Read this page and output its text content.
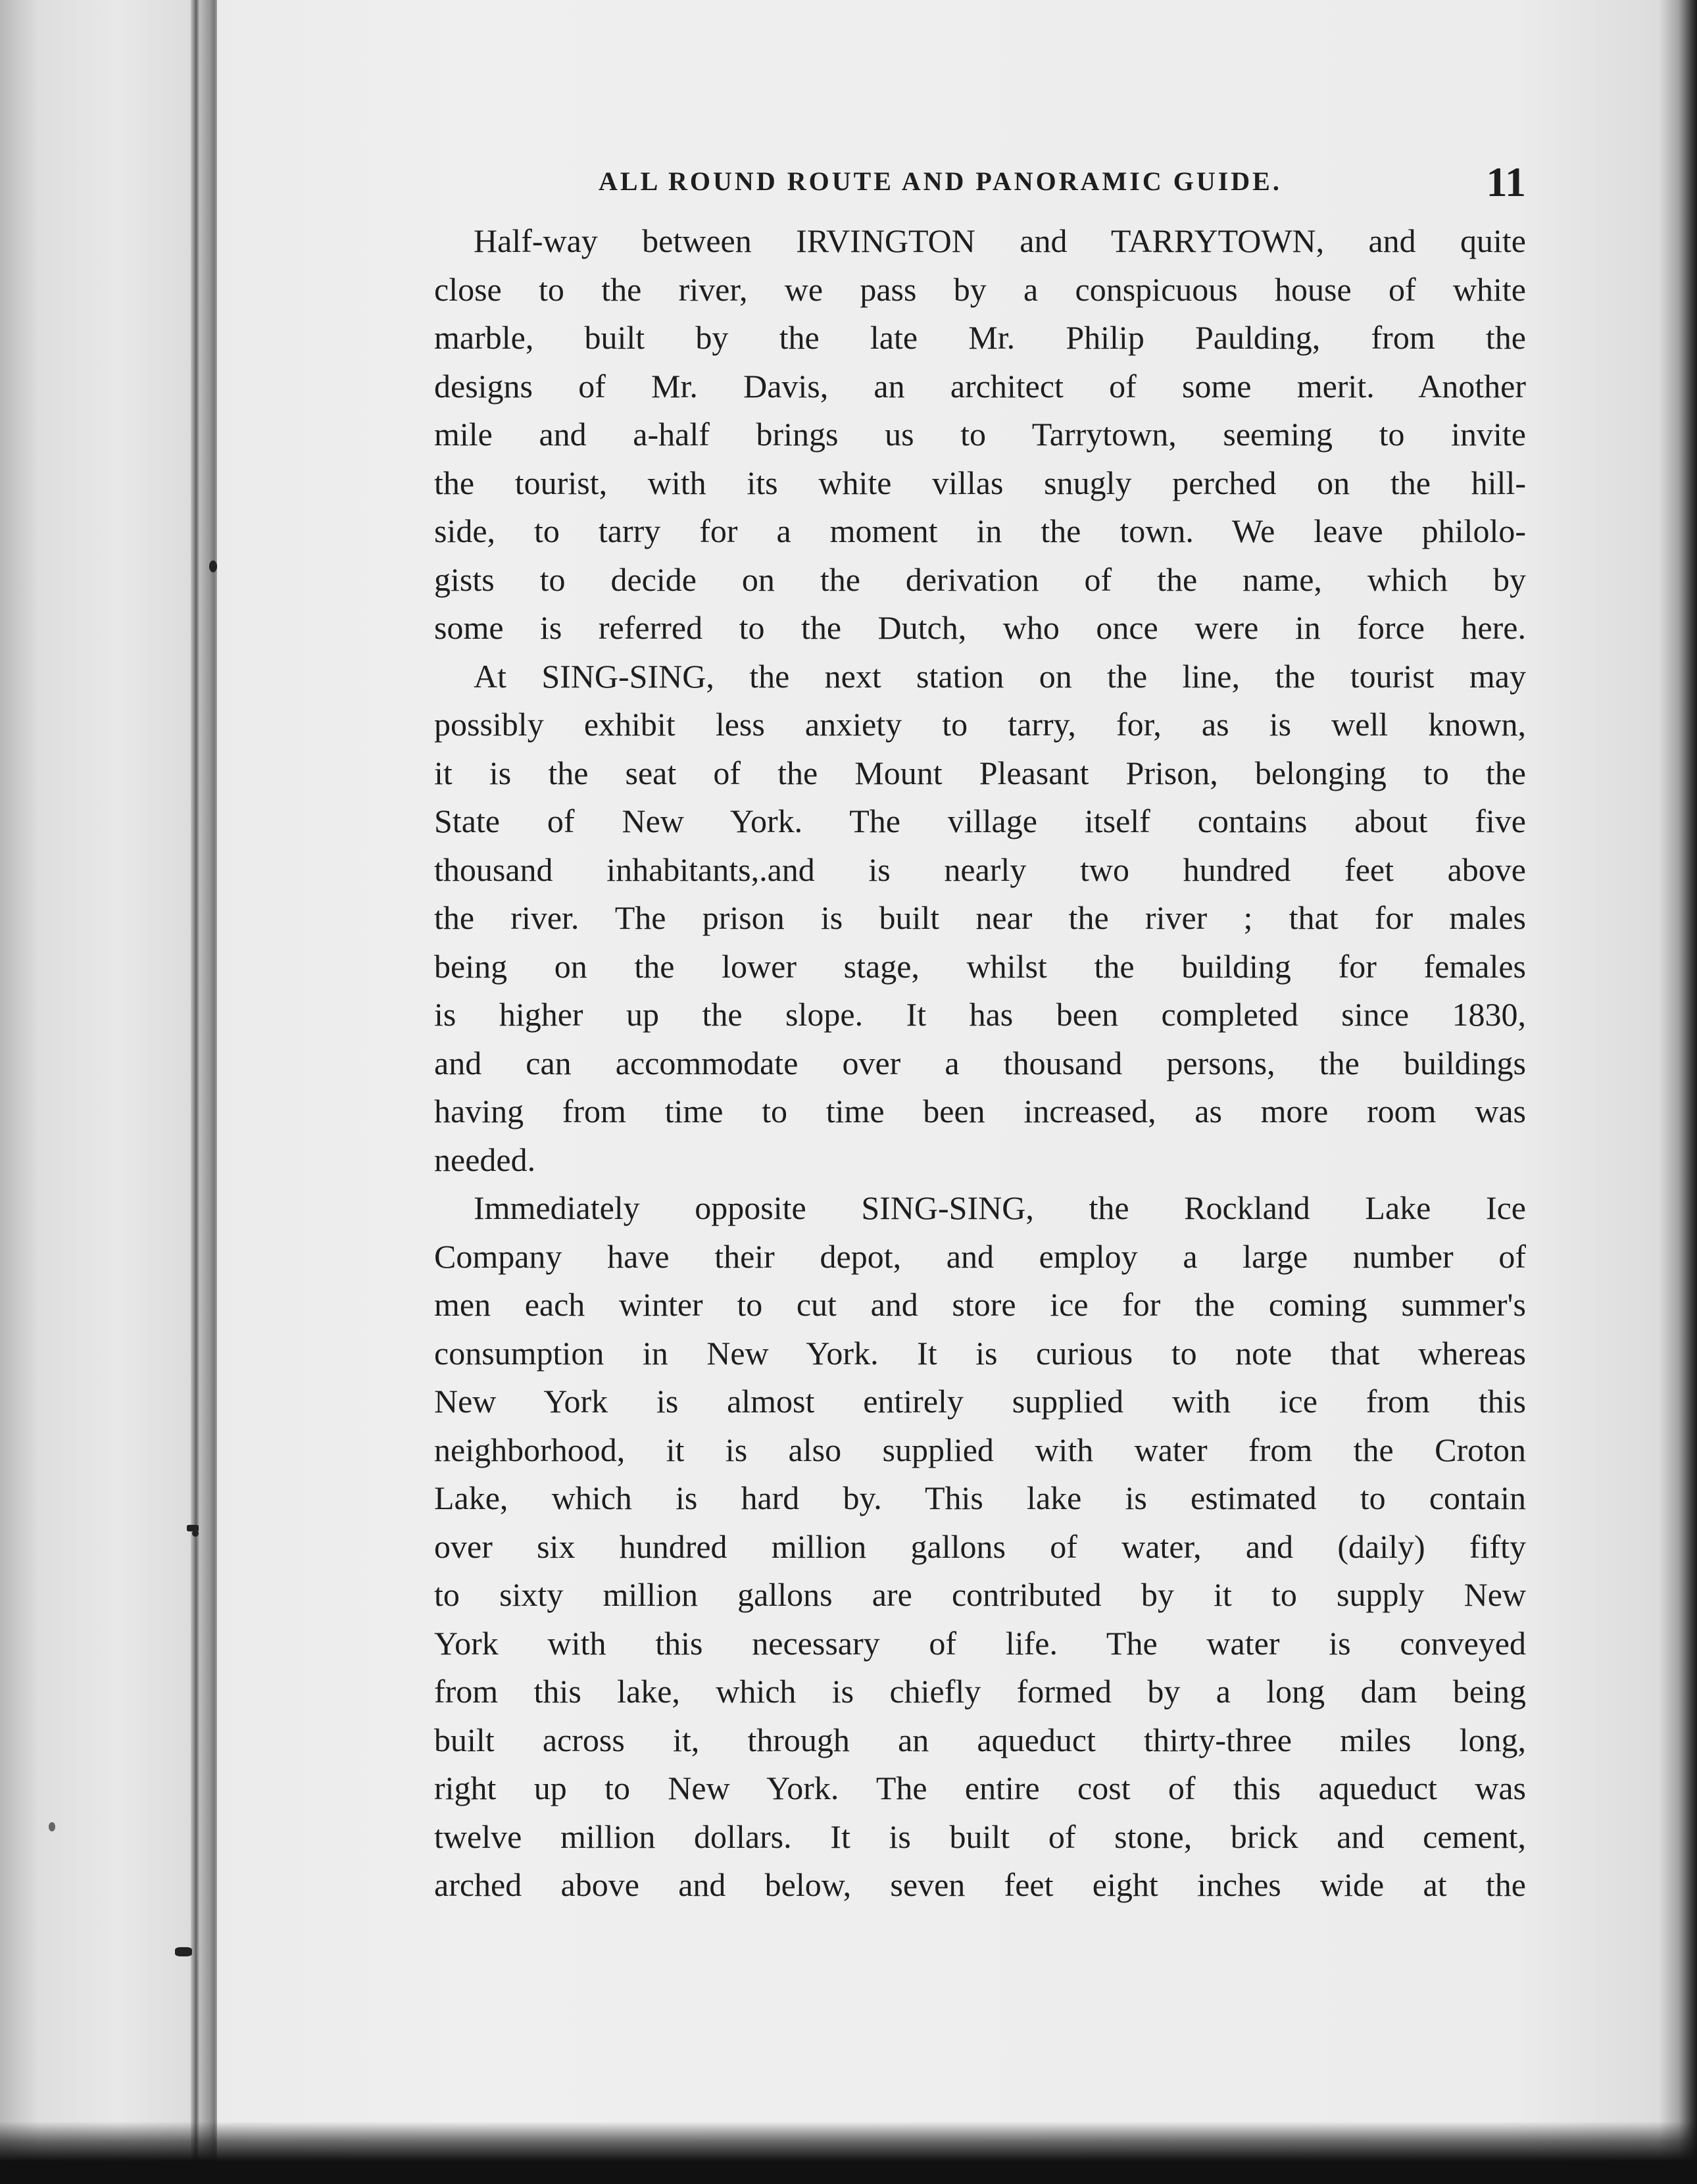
ALL ROUND ROUTE AND PANORAMIC GUIDE.	11
Half-way between IRVINGTON and TARRYTOWN, and quite
close to the river, we pass by a conspicuous house of white
marble, built by the late Mr. Philip Paulding, from the
designs of Mr. Davis, an architect of some merit. Another
mile and a-half brings us to Tarrytown, seeming to invite
the tourist, with its white villas snugly perched on the hill-
side, to tarry for a moment in the town. We leave philolo-
gists to decide on the derivation of the name, which by
some is referred to the Dutch, who once were in force here.
At SING-SING, the next station on the line, the tourist may
possibly exhibit less anxiety to tarry, for, as is well known,
it is the seat of the Mount Pleasant Prison, belonging to the
State of New York. The village itself contains about five
thousand inhabitants,.and is nearly two hundred feet above
the river. The prison is built near the river ; that for males
being on the lower stage, whilst the building for females
is higher up the slope. It has been completed since 1830,
and can accommodate over a thousand persons, the buildings
having from time to time been increased, as more room was
needed.
Immediately opposite SING-SING, the Rockland Lake Ice
Company have their depot, and employ a large number of
men each winter to cut and store ice for the coming summer's
consumption in New York. It is curious to note that whereas
New York is almost entirely supplied with ice from this
neighborhood, it is also supplied with water from the Croton
Lake, which is hard by. This lake is estimated to contain
over six hundred million gallons of water, and (daily) fifty
to sixty million gallons are contributed by it to supply New
York with this necessary of life. The water is conveyed
from this lake, which is chiefly formed by a long dam being
built across it, through an aqueduct thirty-three miles long,
right up to New York. The entire cost of this aqueduct was
twelve million dollars. It is built of stone, brick and cement,
arched above and below, seven feet eight inches wide at the
